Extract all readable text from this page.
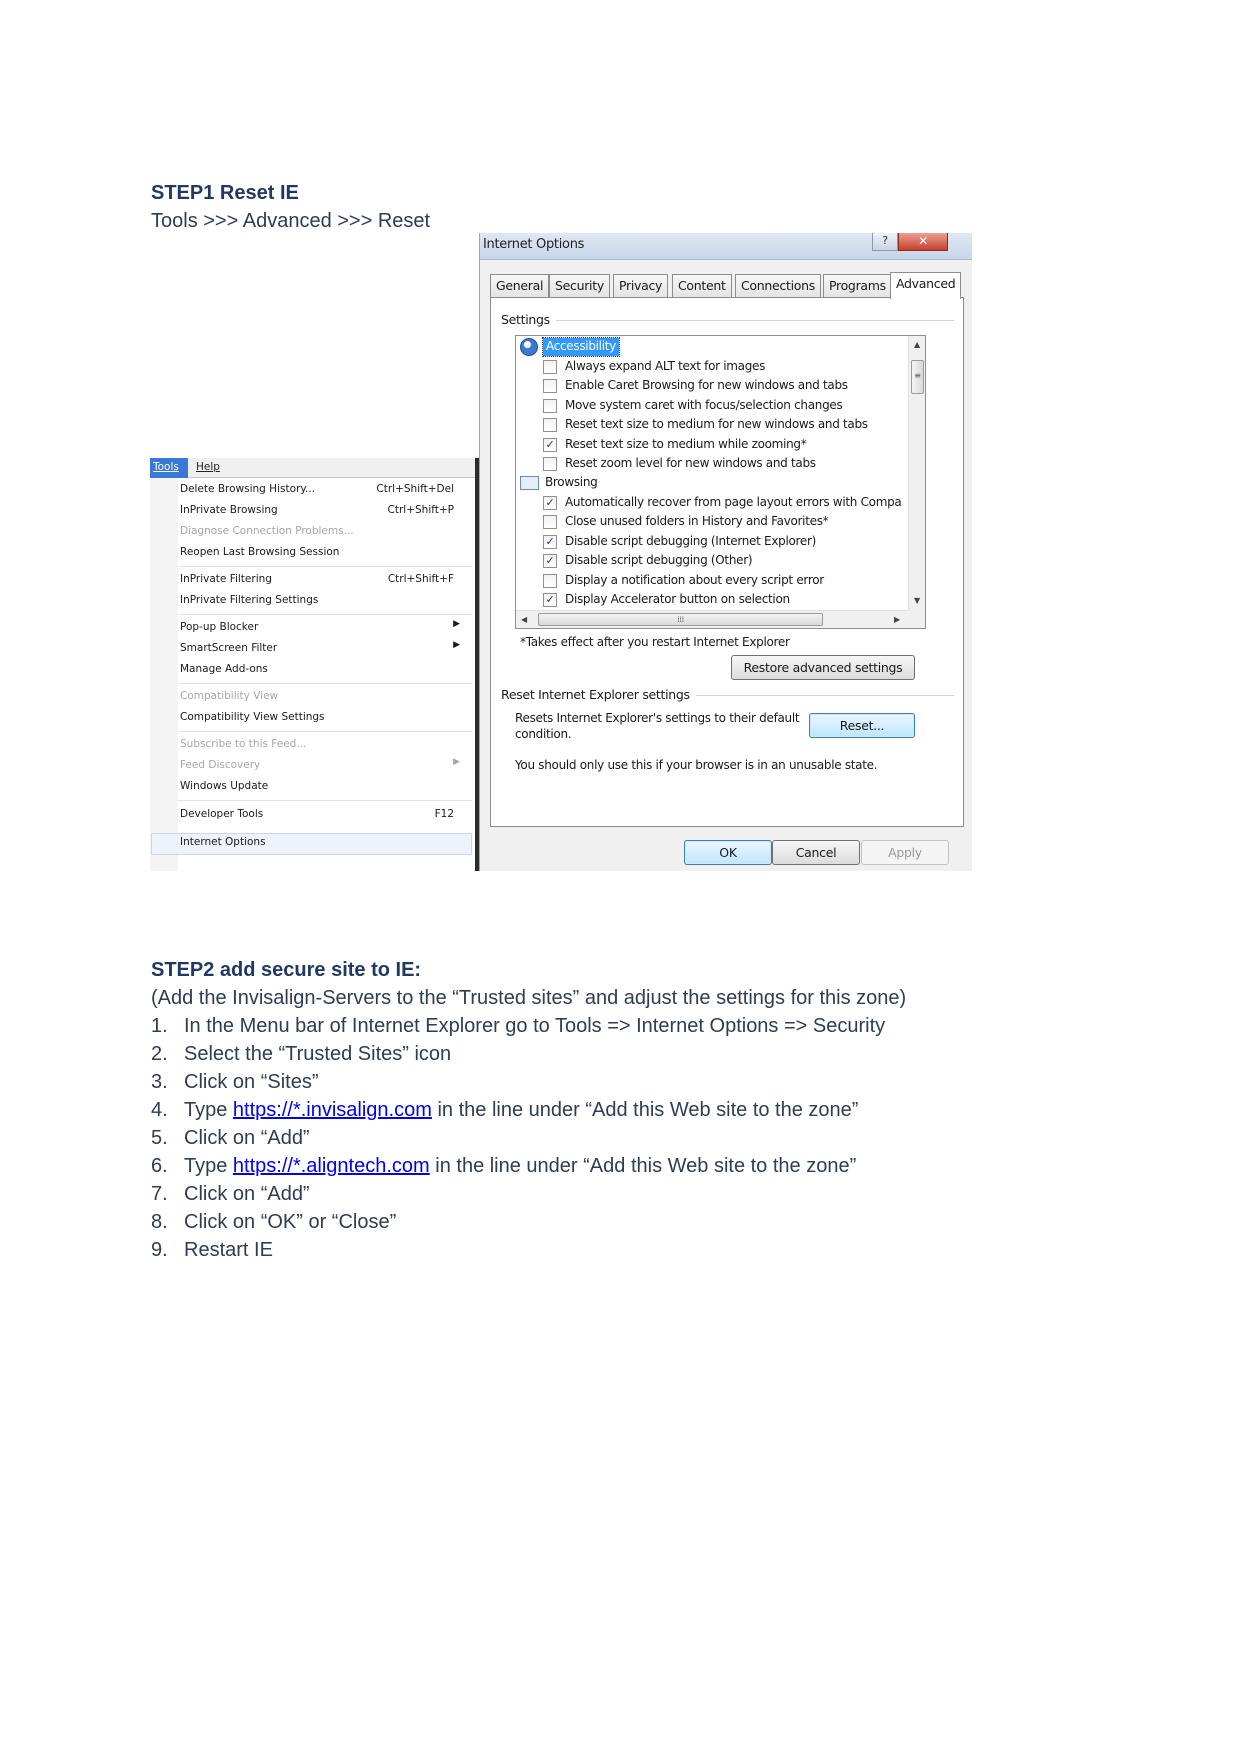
STEP1 Reset IE
Tools >>> Advanced >>> Reset
Tools	Help
Delete Browsing History...	Ctrl+Shift+Del
InPrivate Browsing	Ctrl+Shift+P
Diagnose Connection Problems...
Reopen Last Browsing Session
InPrivate Filtering	Ctrl+Shift+F
InPrivate Filtering Settings
Pop-up Blocker	▶
SmartScreen Filter	▶
Manage Add-ons
Compatibility View
Compatibility View Settings
Subscribe to this Feed...
Feed Discovery	▶
Windows Update
Developer Tools	F12
Internet Options
Internet Options	?	✕
General Security	Privacy	Content	Connections	Programs Advanced
Settings
Accessibility
Always expand ALT text for images
Enable Caret Browsing for new windows and tabs
Move system caret with focus/selection changes
Reset text size to medium for new windows and tabs
✓ Reset text size to medium while zooming*
Reset zoom level for new windows and tabs
Browsing
✓ Automatically recover from page layout errors with Compa
Close unused folders in History and Favorites*
✓ Disable script debugging (Internet Explorer)
✓ Disable script debugging (Other)
Display a notification about every script error
✓ Display Accelerator button on selection
▲
≡
▼
◀	⁞⁞⁞	▶
*Takes effect after you restart Internet Explorer
Restore advanced settings
Reset Internet Explorer settings
Resets Internet Explorer's settings to their default
condition.
Reset...
You should only use this if your browser is in an unusable state.
OK	Cancel	Apply
STEP2 add secure site to IE:
(Add the Invisalign-Servers to the “Trusted sites” and adjust the settings for this zone)
1. In the Menu bar of Internet Explorer go to Tools => Internet Options => Security
2. Select the “Trusted Sites” icon
3. Click on “Sites”
4. Type https://*.invisalign.com in the line under “Add this Web site to the zone”
5. Click on “Add”
6. Type https://*.aligntech.com in the line under “Add this Web site to the zone”
7. Click on “Add”
8. Click on “OK” or “Close”
9. Restart IE
